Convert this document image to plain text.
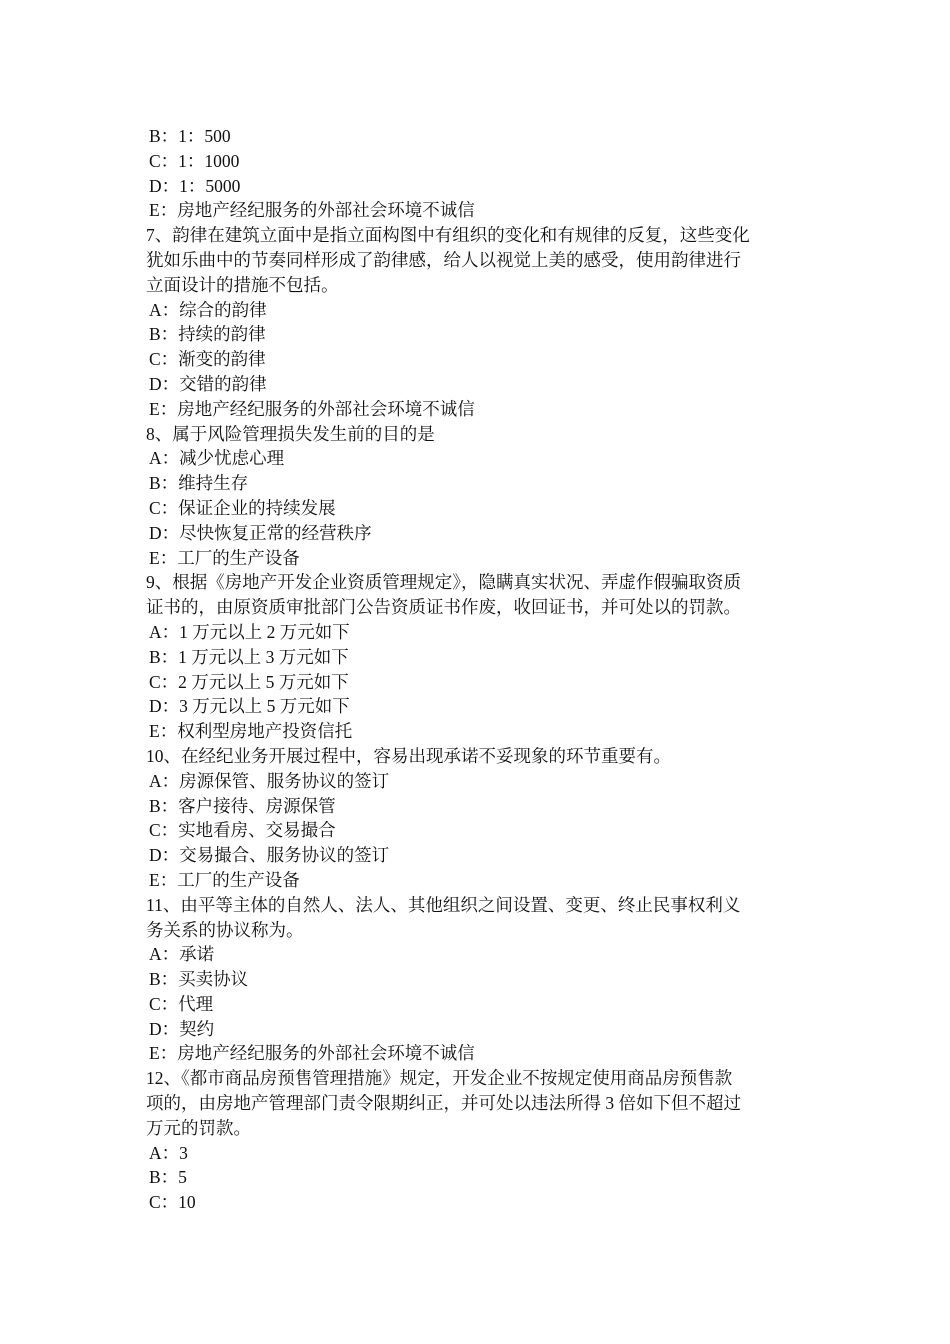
B：1：500
C：1：1000
D：1：5000
E：房地产经纪服务的外部社会环境不诚信
7、韵律在建筑立面中是指立面构图中有组织的变化和有规律的反复，这些变化
犹如乐曲中的节奏同样形成了韵律感，给人以视觉上美的感受，使用韵律进行
立面设计的措施不包括。
A：综合的韵律
B：持续的韵律
C：渐变的韵律
D：交错的韵律
E：房地产经纪服务的外部社会环境不诚信
8、属于风险管理损失发生前的目的是
A：减少忧虑心理
B：维持生存
C：保证企业的持续发展
D：尽快恢复正常的经营秩序
E：工厂的生产设备
9、根据《房地产开发企业资质管理规定》，隐瞒真实状况、弄虚作假骗取资质
证书的，由原资质审批部门公告资质证书作废，收回证书，并可处以的罚款。
A：1 万元以上 2 万元如下
B：1 万元以上 3 万元如下
C：2 万元以上 5 万元如下
D：3 万元以上 5 万元如下
E：权利型房地产投资信托
10、在经纪业务开展过程中，容易出现承诺不妥现象的环节重要有。
A：房源保管、服务协议的签订
B：客户接待、房源保管
C：实地看房、交易撮合
D：交易撮合、服务协议的签订
E：工厂的生产设备
11、由平等主体的自然人、法人、其他组织之间设置、变更、终止民事权利义
务关系的协议称为。
A：承诺
B：买卖协议
C：代理
D：契约
E：房地产经纪服务的外部社会环境不诚信
12、《都市商品房预售管理措施》规定，开发企业不按规定使用商品房预售款
项的，由房地产管理部门责令限期纠正，并可处以违法所得 3 倍如下但不超过
万元的罚款。
A：3
B：5
C：10
